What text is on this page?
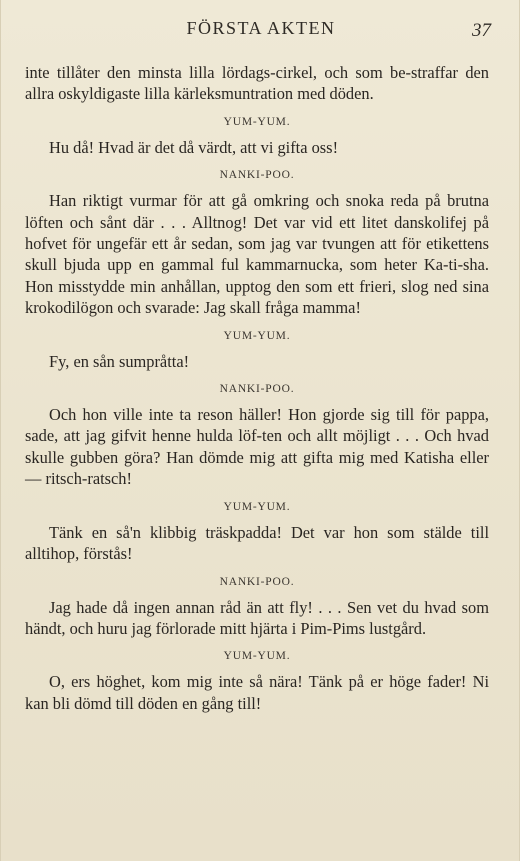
FÖRSTA AKTEN	37

inte tillåter den minsta lilla lördags-cirkel, och som be-straffar den allra oskyldigaste lilla kärleksmuntration med döden.

YUM-YUM.

Hu då! Hvad är det då värdt, att vi gifta oss!

NANKI-POO.

Han riktigt vurmar för att gå omkring och snoka reda på brutna löften och sånt där . . . Alltnog! Det var vid ett litet danskolifej på hofvet för ungefär ett år sedan, som jag var tvungen att för etikettens skull bjuda upp en gammal ful kammarnucka, som heter Ka-ti-sha. Hon misstydde min anhållan, upptog den som ett frieri, slog ned sina krokodilögon och svarade: Jag skall fråga mamma!

YUM-YUM.

Fy, en sån sumpråtta!

NANKI-POO.

Och hon ville inte ta reson häller! Hon gjorde sig till för pappa, sade, att jag gifvit henne hulda löf-ten och allt möjligt . . . Och hvad skulle gubben göra? Han dömde mig att gifta mig med Katisha eller — ritsch-ratsch!

YUM-YUM.

Tänk en så'n klibbig träskpadda! Det var hon som stälde till alltihop, förstås!

NANKI-POO.

Jag hade då ingen annan råd än att fly! . . . Sen vet du hvad som händt, och huru jag förlorade mitt hjärta i Pim-Pims lustgård.

YUM-YUM.

O, ers höghet, kom mig inte så nära! Tänk på er höge fader! Ni kan bli dömd till döden en gång till!
